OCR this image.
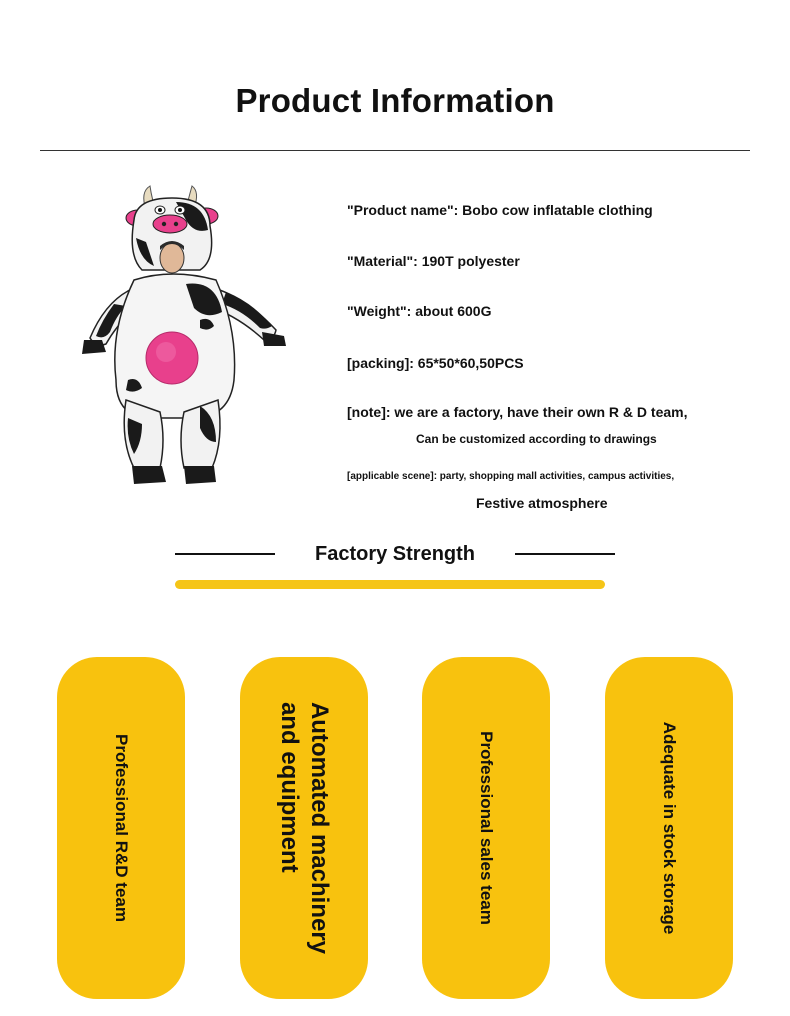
Product Information
"Product name": Bobo cow inflatable clothing
"Material": 190T polyester
"Weight": about 600G
[packing]: 65*50*60,50PCS
[note]: we are a factory, have their own R & D team,
Can be customized according to drawings
[applicable scene]: party, shopping mall activities, campus activities,
Festive atmosphere
Factory Strength
Professional R&D team	Automated machinery
and equipment	Professional sales team	Adequate in stock storage
